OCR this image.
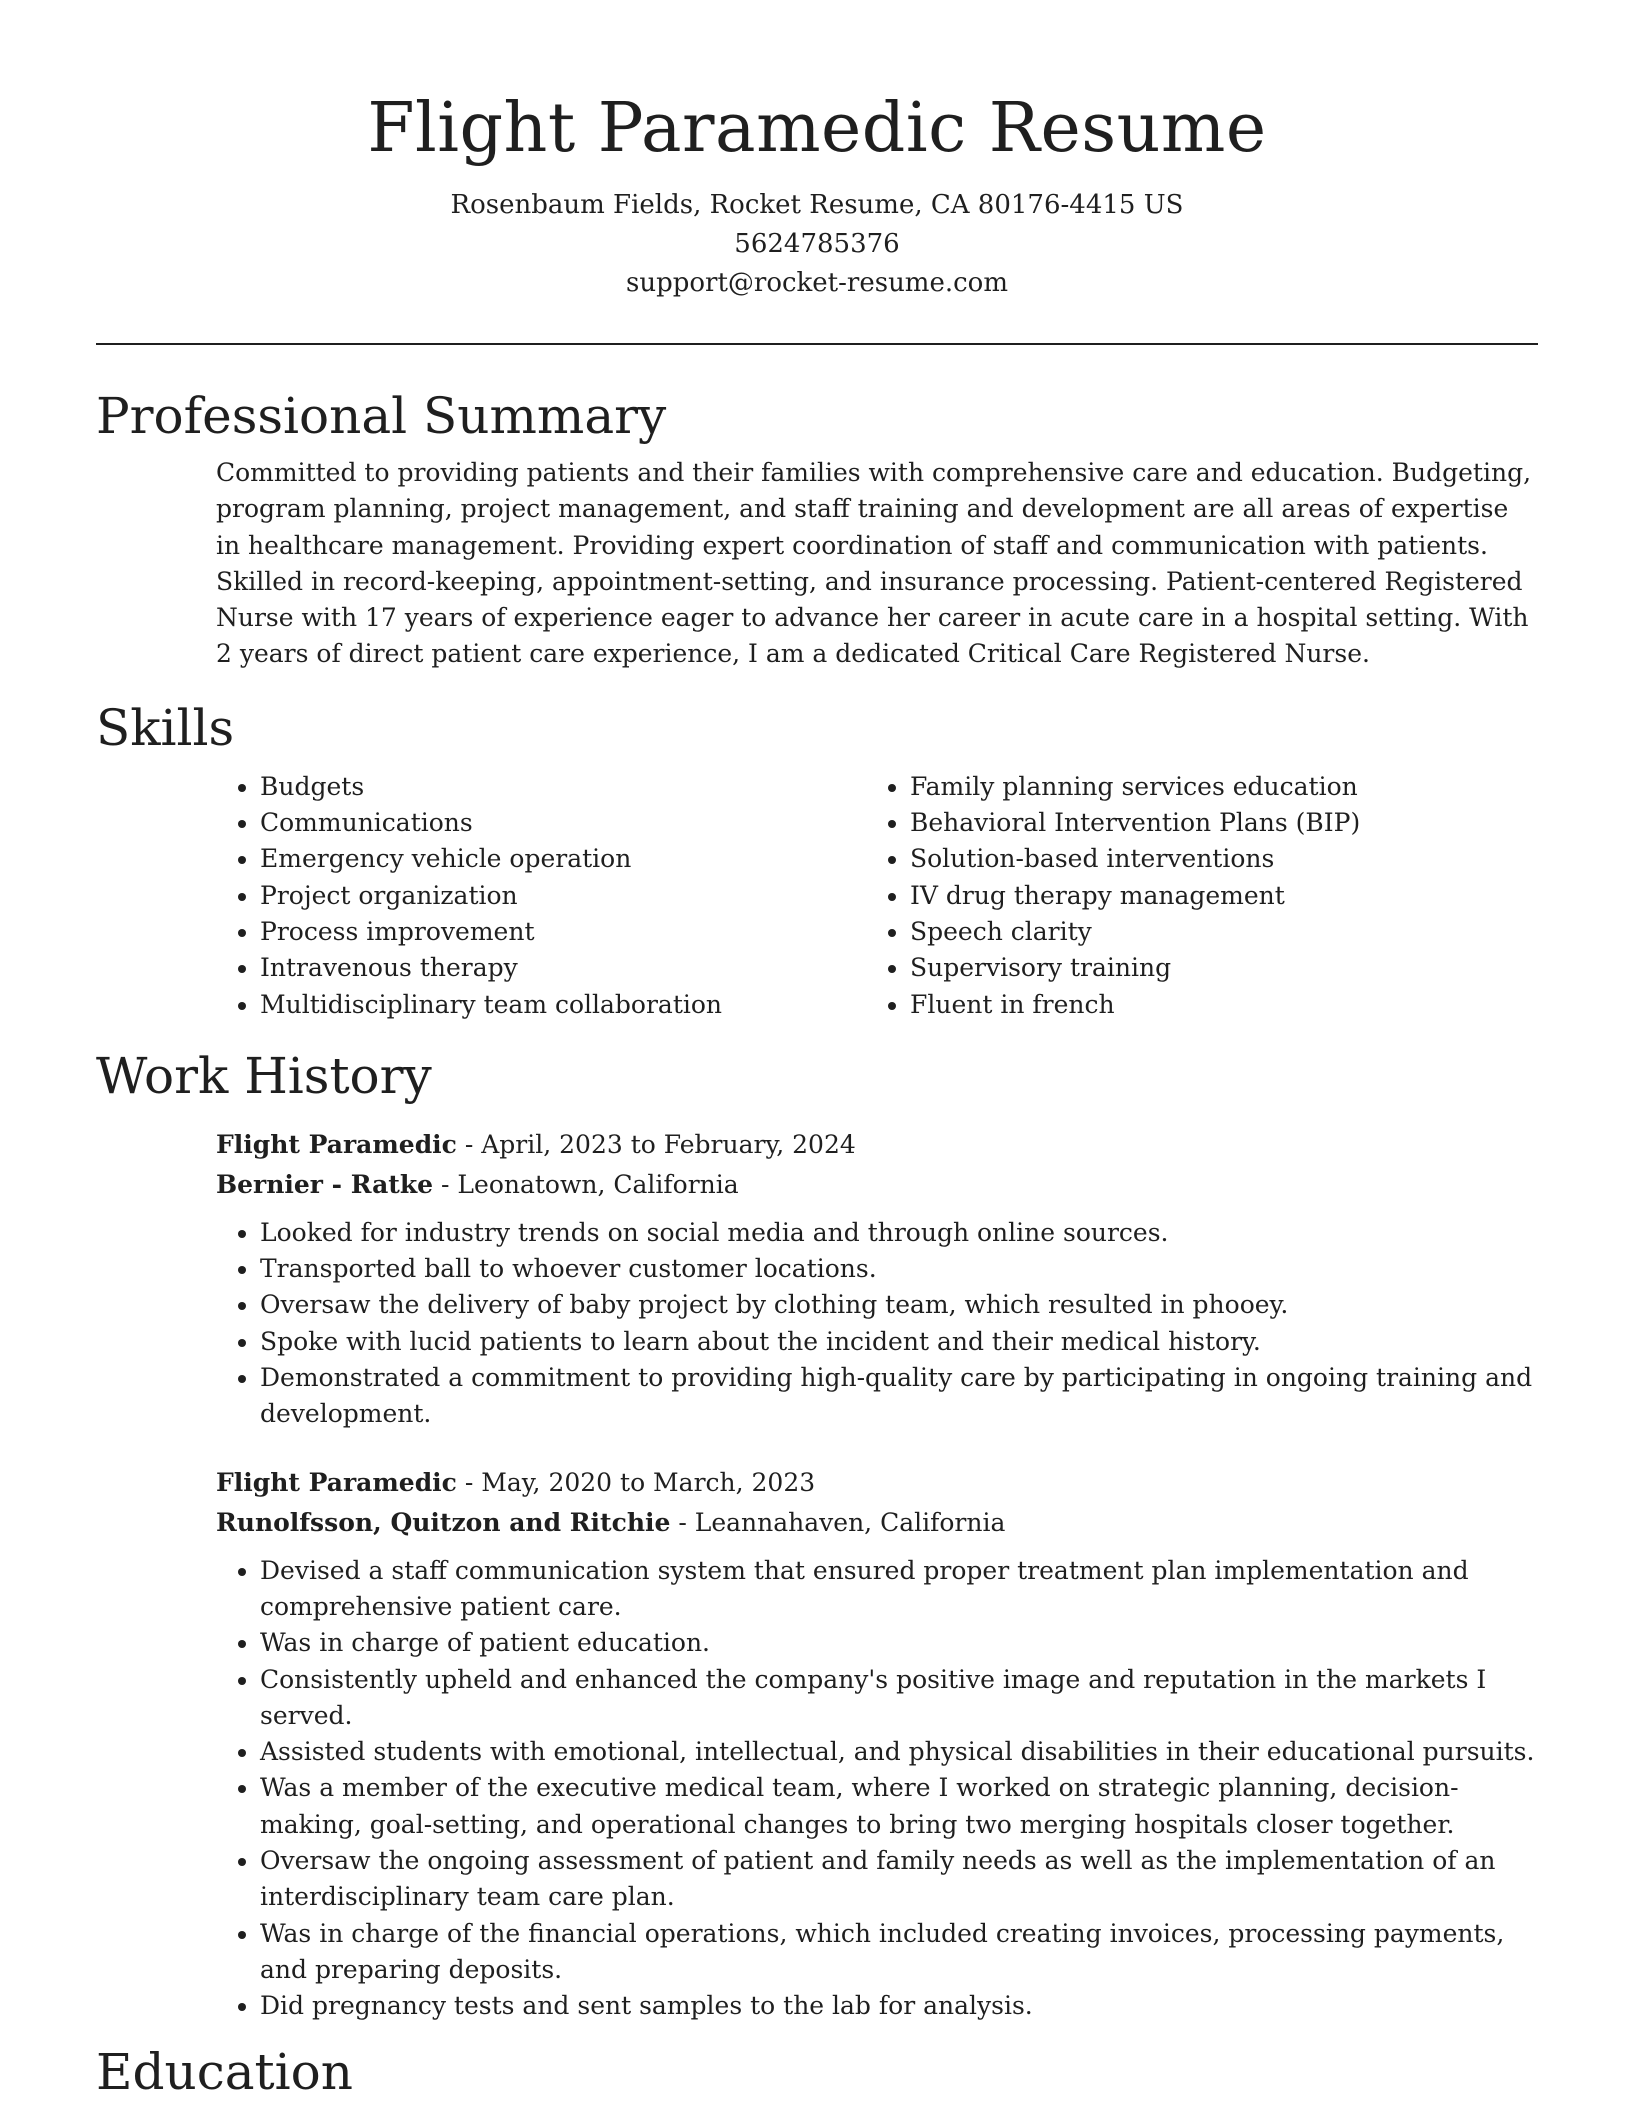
Flight Paramedic Resume
Rosenbaum Fields, Rocket Resume, CA 80176-4415 US
5624785376
support@rocket-resume.com
Professional Summary
Committed to providing patients and their families with comprehensive care and education. Budgeting, program planning, project management, and staff training and development are all areas of expertise in healthcare management. Providing expert coordination of staff and communication with patients. Skilled in record-keeping, appointment-setting, and insurance processing. Patient-centered Registered Nurse with 17 years of experience eager to advance her career in acute care in a hospital setting. With 2 years of direct patient care experience, I am a dedicated Critical Care Registered Nurse.
Skills
• Budgets
• Communications
• Emergency vehicle operation
• Project organization
• Process improvement
• Intravenous therapy
• Multidisciplinary team collaboration
• Family planning services education
• Behavioral Intervention Plans (BIP)
• Solution-based interventions
• IV drug therapy management
• Speech clarity
• Supervisory training
• Fluent in french
Work History
Flight Paramedic - April, 2023 to February, 2024
Bernier - Ratke - Leonatown, California
• Looked for industry trends on social media and through online sources.
• Transported ball to whoever customer locations.
• Oversaw the delivery of baby project by clothing team, which resulted in phooey.
• Spoke with lucid patients to learn about the incident and their medical history.
• Demonstrated a commitment to providing high-quality care by participating in ongoing training and development.
Flight Paramedic - May, 2020 to March, 2023
Runolfsson, Quitzon and Ritchie - Leannahaven, California
• Devised a staff communication system that ensured proper treatment plan implementation and comprehensive patient care.
• Was in charge of patient education.
• Consistently upheld and enhanced the company's positive image and reputation in the markets I served.
• Assisted students with emotional, intellectual, and physical disabilities in their educational pursuits.
• Was a member of the executive medical team, where I worked on strategic planning, decision-making, goal-setting, and operational changes to bring two merging hospitals closer together.
• Oversaw the ongoing assessment of patient and family needs as well as the implementation of an interdisciplinary team care plan.
• Was in charge of the financial operations, which included creating invoices, processing payments, and preparing deposits.
• Did pregnancy tests and sent samples to the lab for analysis.
Education
